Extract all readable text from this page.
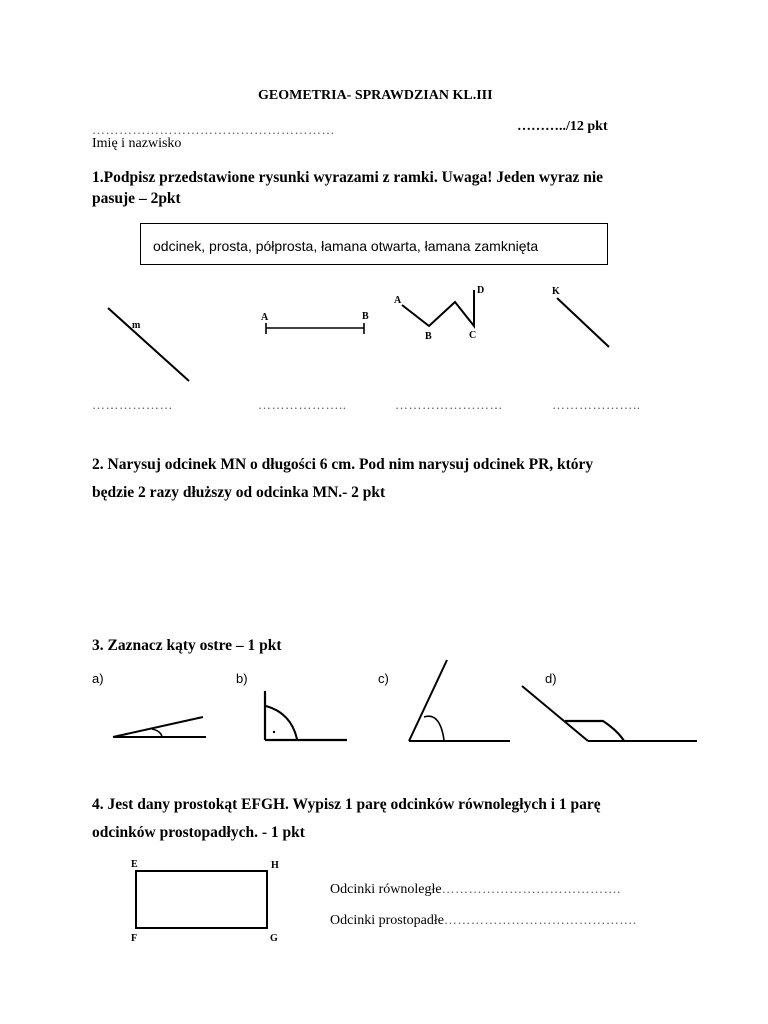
GEOMETRIA- SPRAWDZIAN KL.III
………………………………………………	………../12 pkt
Imię i nazwisko
1.Podpisz przedstawione rysunki wyrazami z ramki. Uwaga! Jeden wyraz nie
pasuje – 2pkt
odcinek, prosta, półprosta, łamana otwarta, łamana zamknięta
m
A	B
A
B	C
D	K
E	H
F	G
………………	………………..	……………………	………………..
2. Narysuj odcinek MN o długości 6 cm. Pod nim narysuj odcinek PR, który
będzie 2 razy dłuższy od odcinka MN.- 2 pkt
3. Zaznacz kąty ostre – 1 pkt
a)	b)	c)	d)
4. Jest dany prostokąt EFGH. Wypisz 1 parę odcinków równoległych i 1 parę
odcinków prostopadłych. - 1 pkt
Odcinki równoległe………………………………….
Odcinki prostopadłe…………………………………….
